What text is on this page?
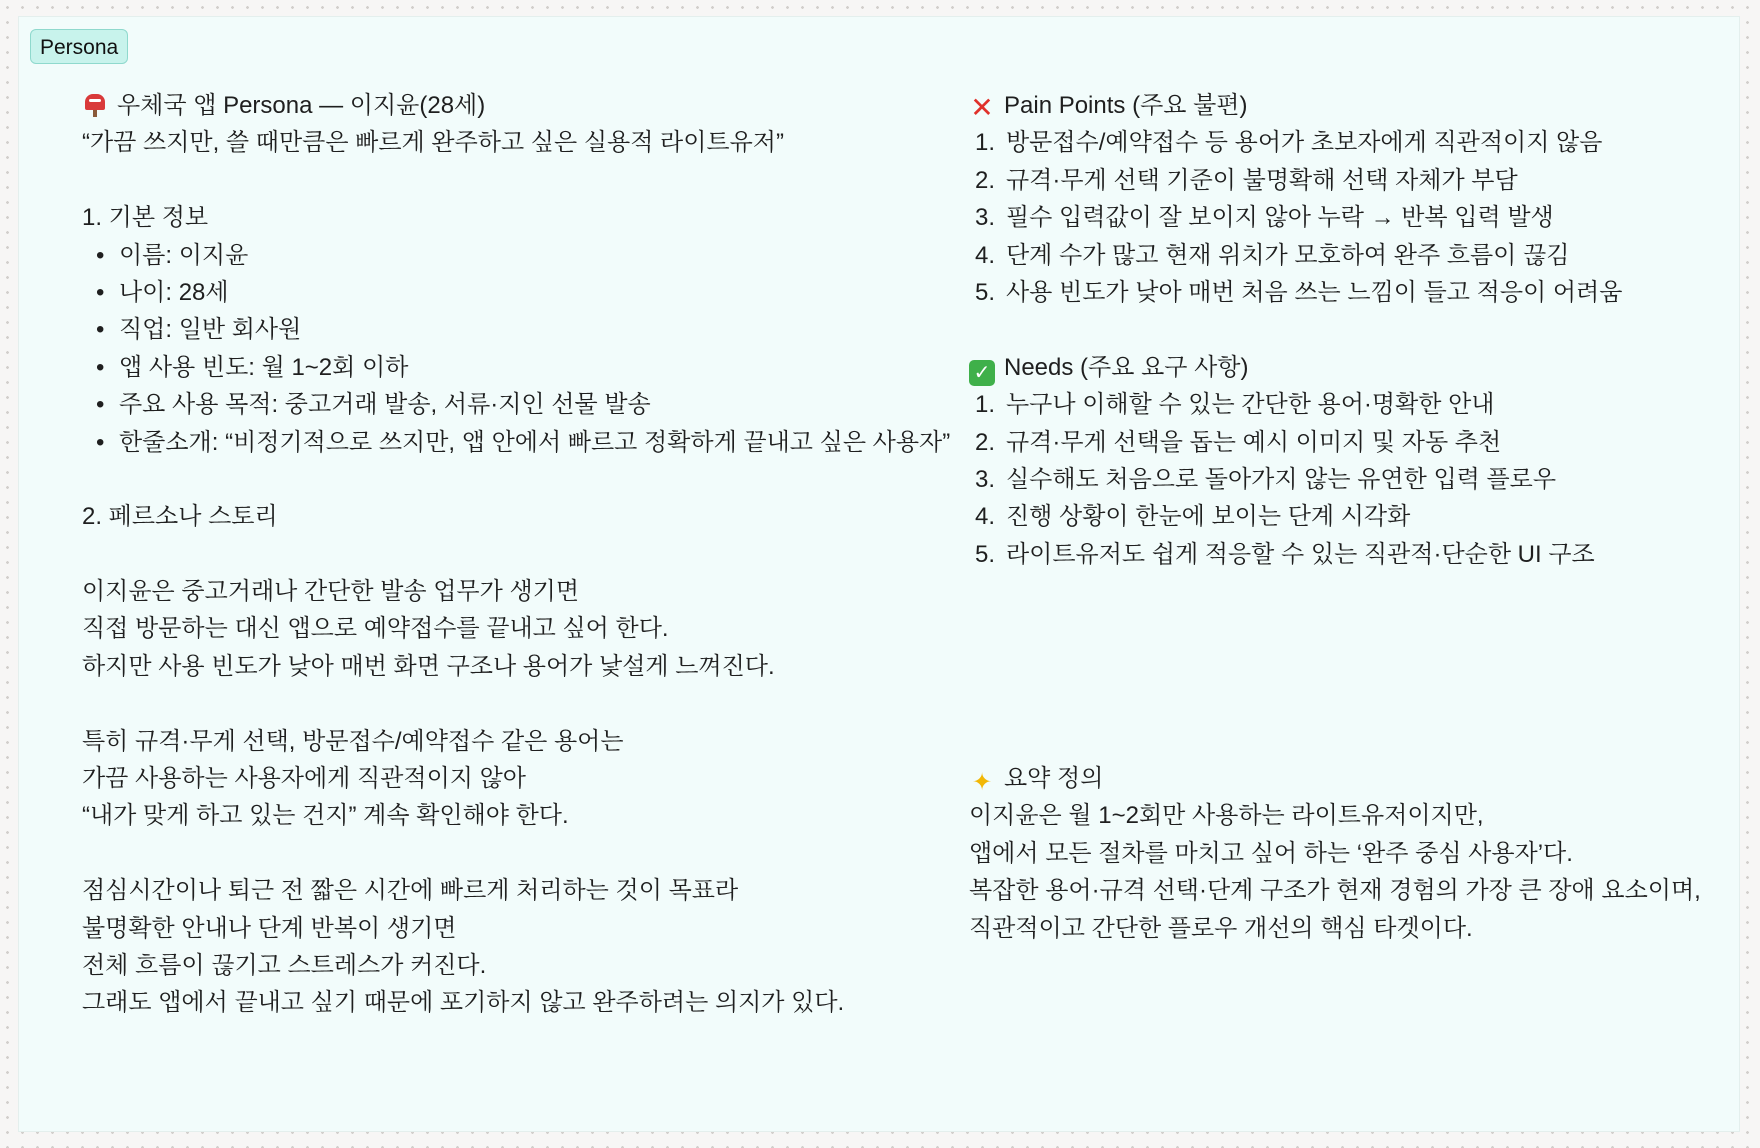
Persona
우체국 앱 Persona — 이지윤(28세)
“가끔 쓰지만, 쓸 때만큼은 빠르게 완주하고 싶은 실용적 라이트유저”
1. 기본 정보
• 이름: 이지윤
• 나이: 28세
• 직업: 일반 회사원
• 앱 사용 빈도: 월 1~2회 이하
• 주요 사용 목적: 중고거래 발송, 서류·지인 선물 발송
• 한줄소개: “비정기적으로 쓰지만, 앱 안에서 빠르고 정확하게 끝내고 싶은 사용자”
2. 페르소나 스토리
이지윤은 중고거래나 간단한 발송 업무가 생기면
직접 방문하는 대신 앱으로 예약접수를 끝내고 싶어 한다.
하지만 사용 빈도가 낮아 매번 화면 구조나 용어가 낯설게 느껴진다.
특히 규격·무게 선택, 방문접수/예약접수 같은 용어는
가끔 사용하는 사용자에게 직관적이지 않아
“내가 맞게 하고 있는 건지” 계속 확인해야 한다.
점심시간이나 퇴근 전 짧은 시간에 빠르게 처리하는 것이 목표라
불명확한 안내나 단계 반복이 생기면
전체 흐름이 끊기고 스트레스가 커진다.
그래도 앱에서 끝내고 싶기 때문에 포기하지 않고 완주하려는 의지가 있다.
✕ Pain Points (주요 불편)
1. 방문접수/예약접수 등 용어가 초보자에게 직관적이지 않음
2. 규격·무게 선택 기준이 불명확해 선택 자체가 부담
3. 필수 입력값이 잘 보이지 않아 누락 → 반복 입력 발생
4. 단계 수가 많고 현재 위치가 모호하여 완주 흐름이 끊김
5. 사용 빈도가 낮아 매번 처음 쓰는 느낌이 들고 적응이 어려움
✓ Needs (주요 요구 사항)
1. 누구나 이해할 수 있는 간단한 용어·명확한 안내
2. 규격·무게 선택을 돕는 예시 이미지 및 자동 추천
3. 실수해도 처음으로 돌아가지 않는 유연한 입력 플로우
4. 진행 상황이 한눈에 보이는 단계 시각화
5. 라이트유저도 쉽게 적응할 수 있는 직관적·단순한 UI 구조
✦ 요약 정의
이지윤은 월 1~2회만 사용하는 라이트유저이지만,
앱에서 모든 절차를 마치고 싶어 하는 ‘완주 중심 사용자’다.
복잡한 용어·규격 선택·단계 구조가 현재 경험의 가장 큰 장애 요소이며,
직관적이고 간단한 플로우 개선의 핵심 타겟이다.
